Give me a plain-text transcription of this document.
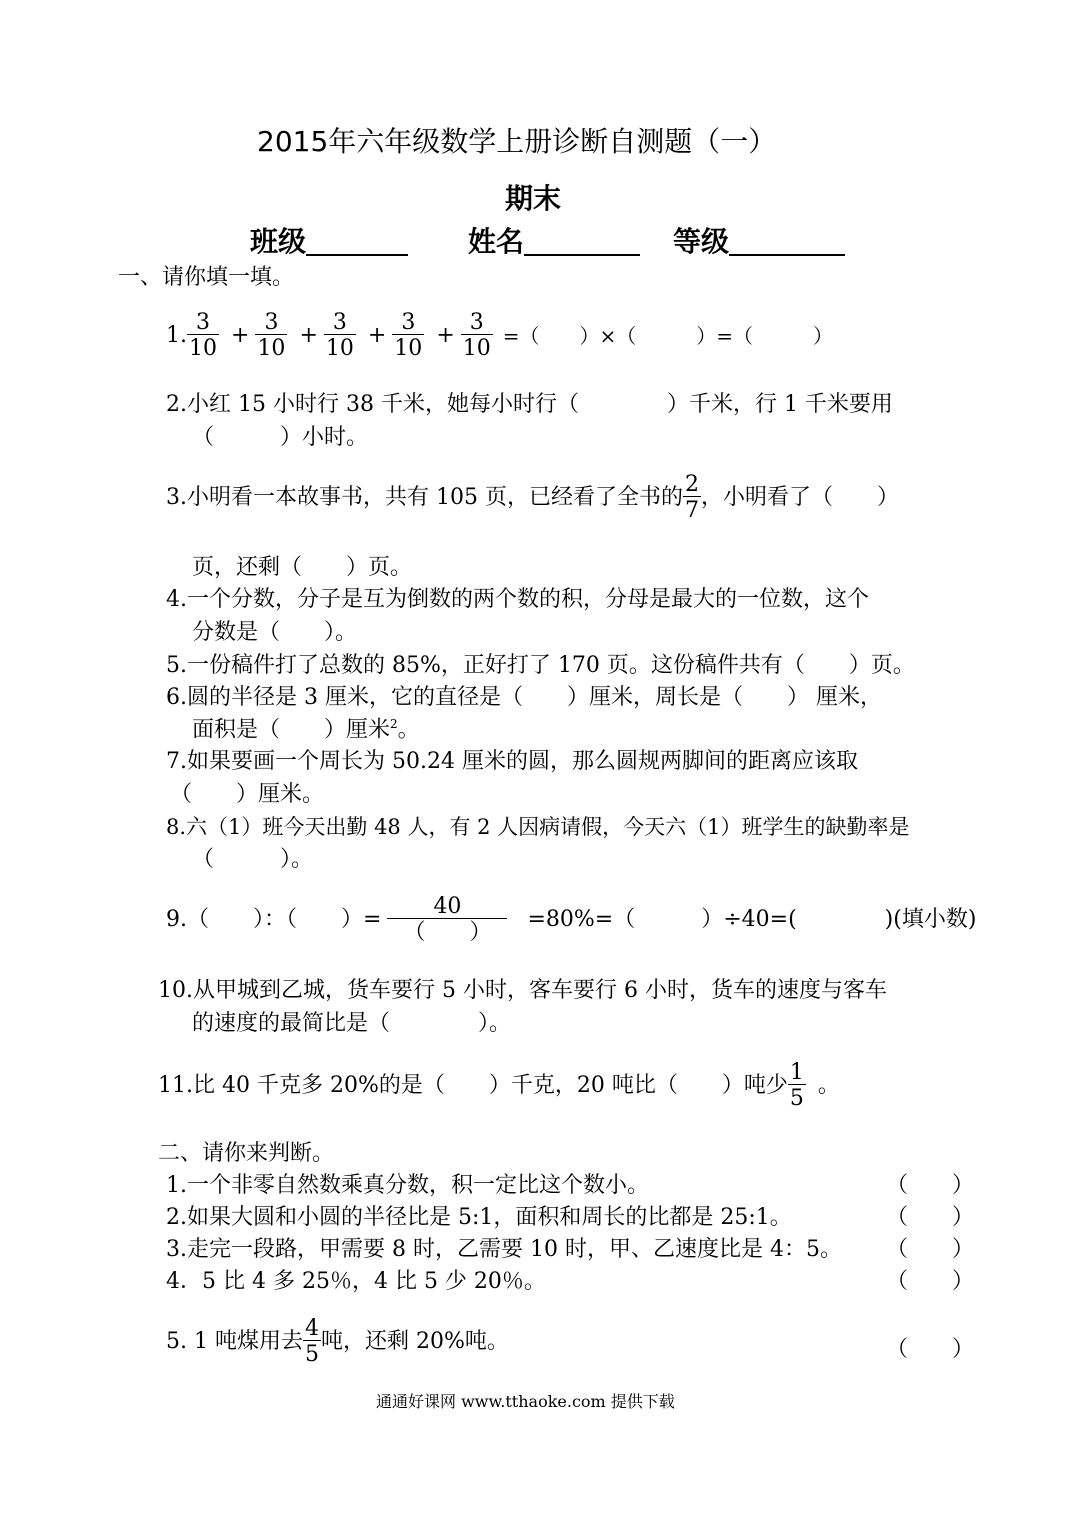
2015年六年级数学上册诊断自测题（一）
期末
班级	姓名	等级
一、请你填一填。
1. $\frac{3}{10} + \frac{3}{10} + \frac{3}{10} + \frac{3}{10} + \frac{3}{10}$ =（　　）×（　　　）=（　　　）
2.小红 15 小时行 38 千米，她每小时行（　　　　）千米，行 1 千米要用
（　　　）小时。
3.小明看一本故事书，共有 105 页，已经看了全书的 $\frac{2}{7}$ ，小明看了（　　）
页，还剩（　　）页。
4.一个分数，分子是互为倒数的两个数的积，分母是最大的一位数，这个
分数是（　　）。
5.一份稿件打了总数的 85%，正好打了 170 页。这份稿件共有（　　）页。
6.圆的半径是 3 厘米，它的直径是（　　）厘米，周长是（　　） 厘米，
面积是（　　）厘米$^2$。
7.如果要画一个周长为 50.24 厘米的圆，那么圆规两脚间的距离应该取
（　　）厘米。
8.六（1）班今天出勤 48 人，有 2 人因病请假，今天六（1）班学生的缺勤率是
（　　　）。
9.（　　）：（　　）= $\frac{40}{( )} =80\%=$（　　　）÷40=(　　　　)(填小数)
10.从甲城到乙城，货车要行 5 小时，客车要行 6 小时，货车的速度与客车
的速度的最简比是（　　　　）。
11.比 40 千克多 20%的是（　　）千克，20 吨比（　　）吨少 $\frac{1}{5}$ 。
二、请你来判断。
1.一个非零自然数乘真分数，积一定比这个数小。	（　　）
2.如果大圆和小圆的半径比是 5:1，面积和周长的比都是 25:1。	（　　）
3.走完一段路，甲需要 8 时，乙需要 10 时，甲、乙速度比是 4：5。 （　　）
4．5 比 4 多 25％，4 比 5 少 20％。	（　　）
5. 1 吨煤用去 $\frac{4}{5}$ 吨，还剩 20%吨。	（　　）
通通好课网 www.tthaoke.com 提供下载
